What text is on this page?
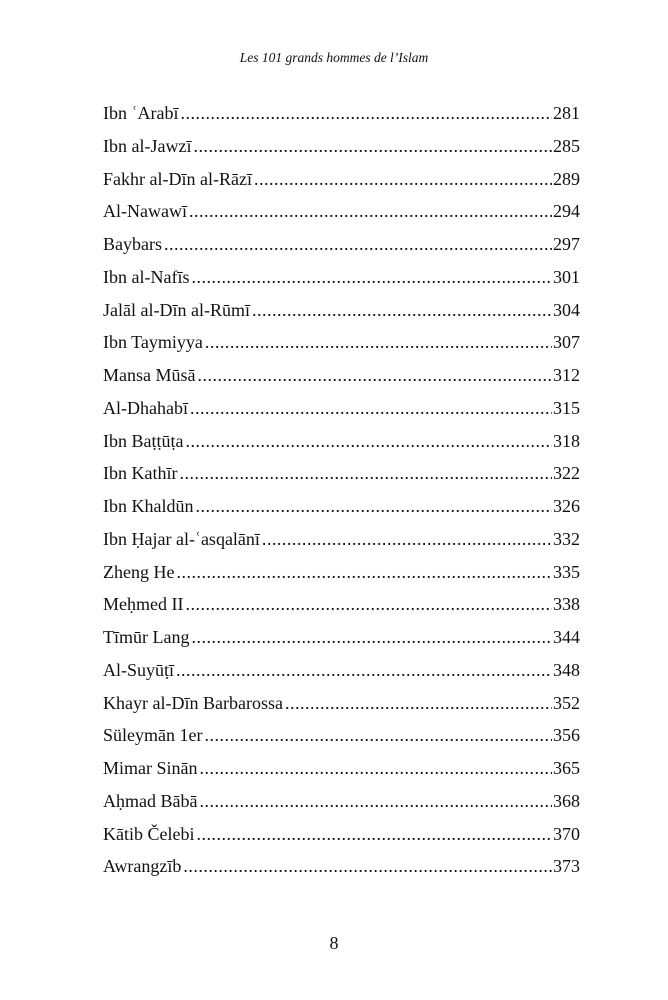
Les 101 grands hommes de l’Islam
Ibn ʿArabī .....	281
Ibn al-Jawzī .....	285
Fakhr al-Dīn al-Rāzī .....	289
Al-Nawawī .....	294
Baybars .....	297
Ibn al-Nafīs .....	301
Jalāl al-Dīn al-Rūmī .....	304
Ibn Taymiyya .....	307
Mansa Mūsā .....	312
Al-Dhahabī .....	315
Ibn Baṭṭūṭa .....	318
Ibn Kathīr .....	322
Ibn Khaldūn .....	326
Ibn Ḥajar al-ʿasqalānī .....	332
Zheng He .....	335
Meḥmed II .....	338
Tīmūr Lang .....	344
Al-Suyūṭī .....	348
Khayr al-Dīn Barbarossa .....	352
Süleymān 1er .....	356
Mimar Sinān .....	365
Aḥmad Bābā .....	368
Kātib Čelebi .....	370
Awrangzīb .....	373
8
